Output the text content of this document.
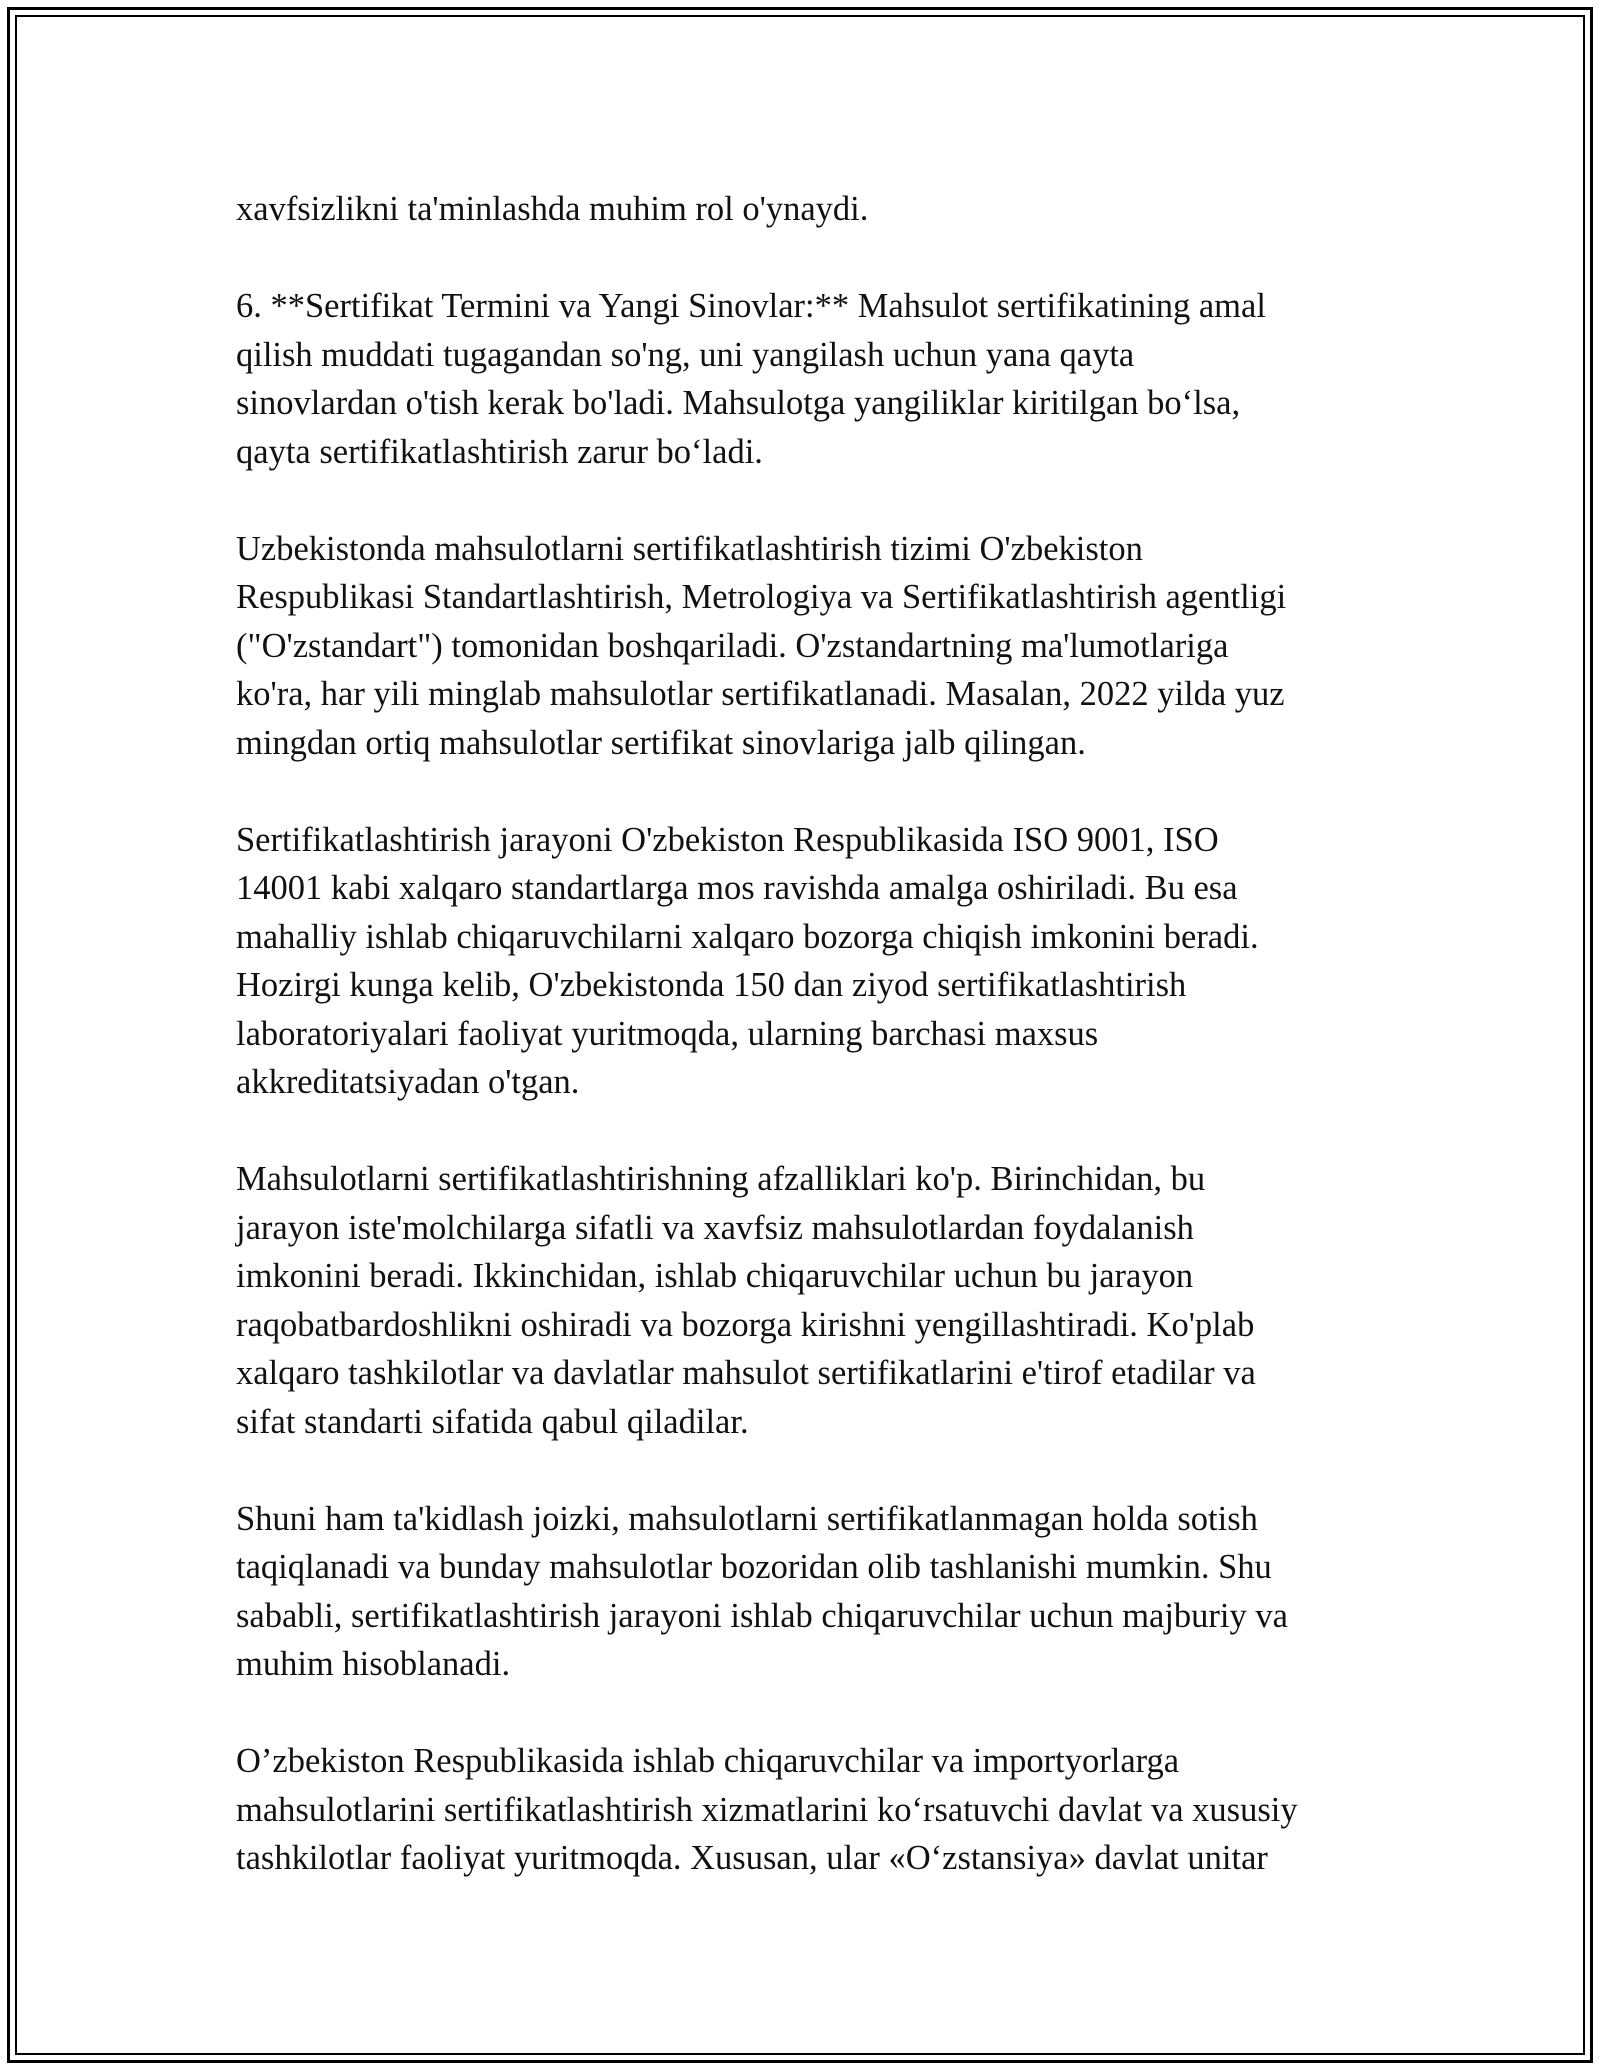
xavfsizlikni ta'minlashda muhim rol o'ynaydi.

6. **Sertifikat Termini va Yangi Sinovlar:** Mahsulot sertifikatining amal
qilish muddati tugagandan so'ng, uni yangilash uchun yana qayta
sinovlardan o'tish kerak bo'ladi. Mahsulotga yangiliklar kiritilgan bo‘lsa,
qayta sertifikatlashtirish zarur bo‘ladi.

Uzbekistonda mahsulotlarni sertifikatlashtirish tizimi O'zbekiston
Respublikasi Standartlashtirish, Metrologiya va Sertifikatlashtirish agentligi
("O'zstandart") tomonidan boshqariladi. O'zstandartning ma'lumotlariga
ko'ra, har yili minglab mahsulotlar sertifikatlanadi. Masalan, 2022 yilda yuz
mingdan ortiq mahsulotlar sertifikat sinovlariga jalb qilingan.

Sertifikatlashtirish jarayoni O'zbekiston Respublikasida ISO 9001, ISO
14001 kabi xalqaro standartlarga mos ravishda amalga oshiriladi. Bu esa
mahalliy ishlab chiqaruvchilarni xalqaro bozorga chiqish imkonini beradi.
Hozirgi kunga kelib, O'zbekistonda 150 dan ziyod sertifikatlashtirish
laboratoriyalari faoliyat yuritmoqda, ularning barchasi maxsus
akkreditatsiyadan o'tgan.

Mahsulotlarni sertifikatlashtirishning afzalliklari ko'p. Birinchidan, bu
jarayon iste'molchilarga sifatli va xavfsiz mahsulotlardan foydalanish
imkonini beradi. Ikkinchidan, ishlab chiqaruvchilar uchun bu jarayon
raqobatbardoshlikni oshiradi va bozorga kirishni yengillashtiradi. Ko'plab
xalqaro tashkilotlar va davlatlar mahsulot sertifikatlarini e'tirof etadilar va
sifat standarti sifatida qabul qiladilar.

Shuni ham ta'kidlash joizki, mahsulotlarni sertifikatlanmagan holda sotish
taqiqlanadi va bunday mahsulotlar bozoridan olib tashlanishi mumkin. Shu
sababli, sertifikatlashtirish jarayoni ishlab chiqaruvchilar uchun majburiy va
muhim hisoblanadi.

O’zbekiston Respublikasida ishlab chiqaruvchilar va importyorlarga
mahsulotlarini sertifikatlashtirish xizmatlarini ko‘rsatuvchi davlat va xususiy
tashkilotlar faoliyat yuritmoqda. Xususan, ular «O‘zstansiya» davlat unitar
